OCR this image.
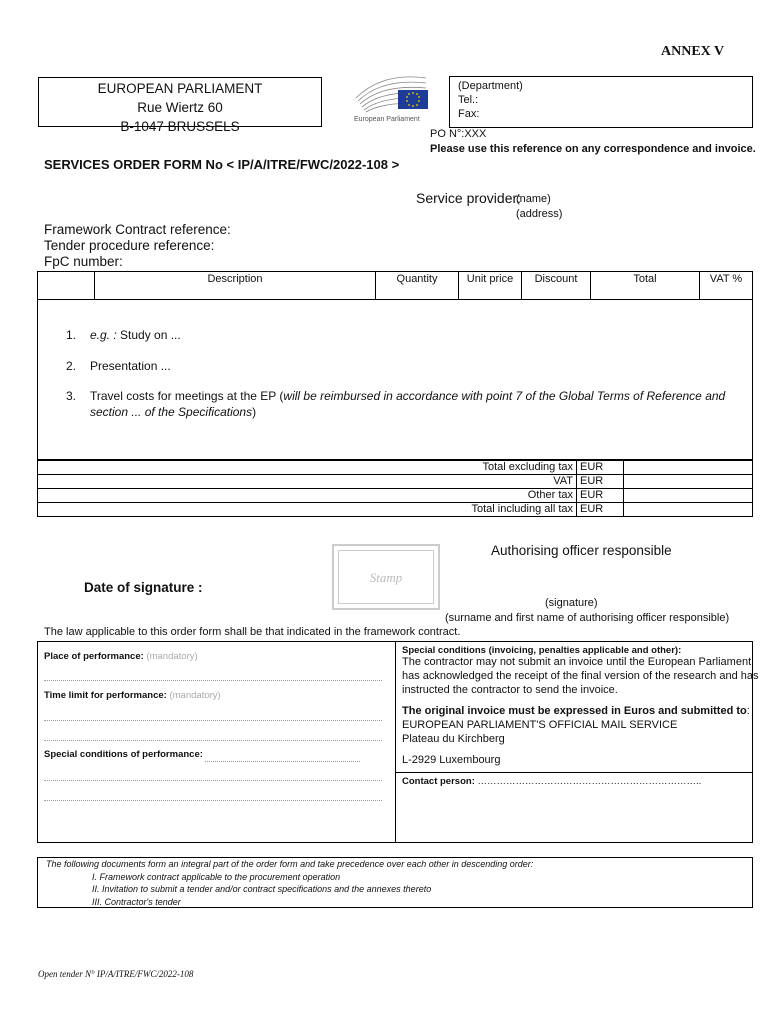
ANNEX V
EUROPEAN PARLIAMENT
Rue Wiertz 60
B-1047 BRUSSELS	European Parliament
(Department)
Tel.:
Fax:
PO N°:XXX
Please use this reference on any correspondence and invoice.
SERVICES ORDER FORM No < IP/A/ITRE/FWC/2022-108 >
Service provider:
(name)
(address)
Framework Contract reference:
Tender procedure reference:
FpC number:
	Description	Quantity	Unit price	Discount	Total	VAT %
1. e.g. : Study on ...
2. Presentation ...
3. Travel costs for meetings at the EP (will be reimbursed in accordance with point 7 of the Global Terms of Reference and
section ... of the Specifications)
Total excluding tax	EUR	
VAT	EUR	
Other tax	EUR	
Total including all tax	EUR	
Authorising officer responsible
Stamp
Date of signature :
(signature)
(surname and first name of authorising officer responsible)
The law applicable to this order form shall be that indicated in the framework contract.
Place of performance: (mandatory)
Time limit for performance: (mandatory)
Special conditions of performance:
Special conditions (invoicing, penalties applicable and other):
The contractor may not submit an invoice until the European Parliament
has acknowledged the receipt of the final version of the research and has
instructed the contractor to send the invoice.
The original invoice must be expressed in Euros and submitted to:
EUROPEAN PARLIAMENT'S OFFICIAL MAIL SERVICE
Plateau du Kirchberg
L-2929 Luxembourg
Contact person: ……………………………………………………………..
The following documents form an integral part of the order form and take precedence over each other in descending order:
I. Framework contract applicable to the procurement operation
II. Invitation to submit a tender and/or contract specifications and the annexes thereto
III. Contractor's tender
Open tender N° IP/A/ITRE/FWC/2022-108
